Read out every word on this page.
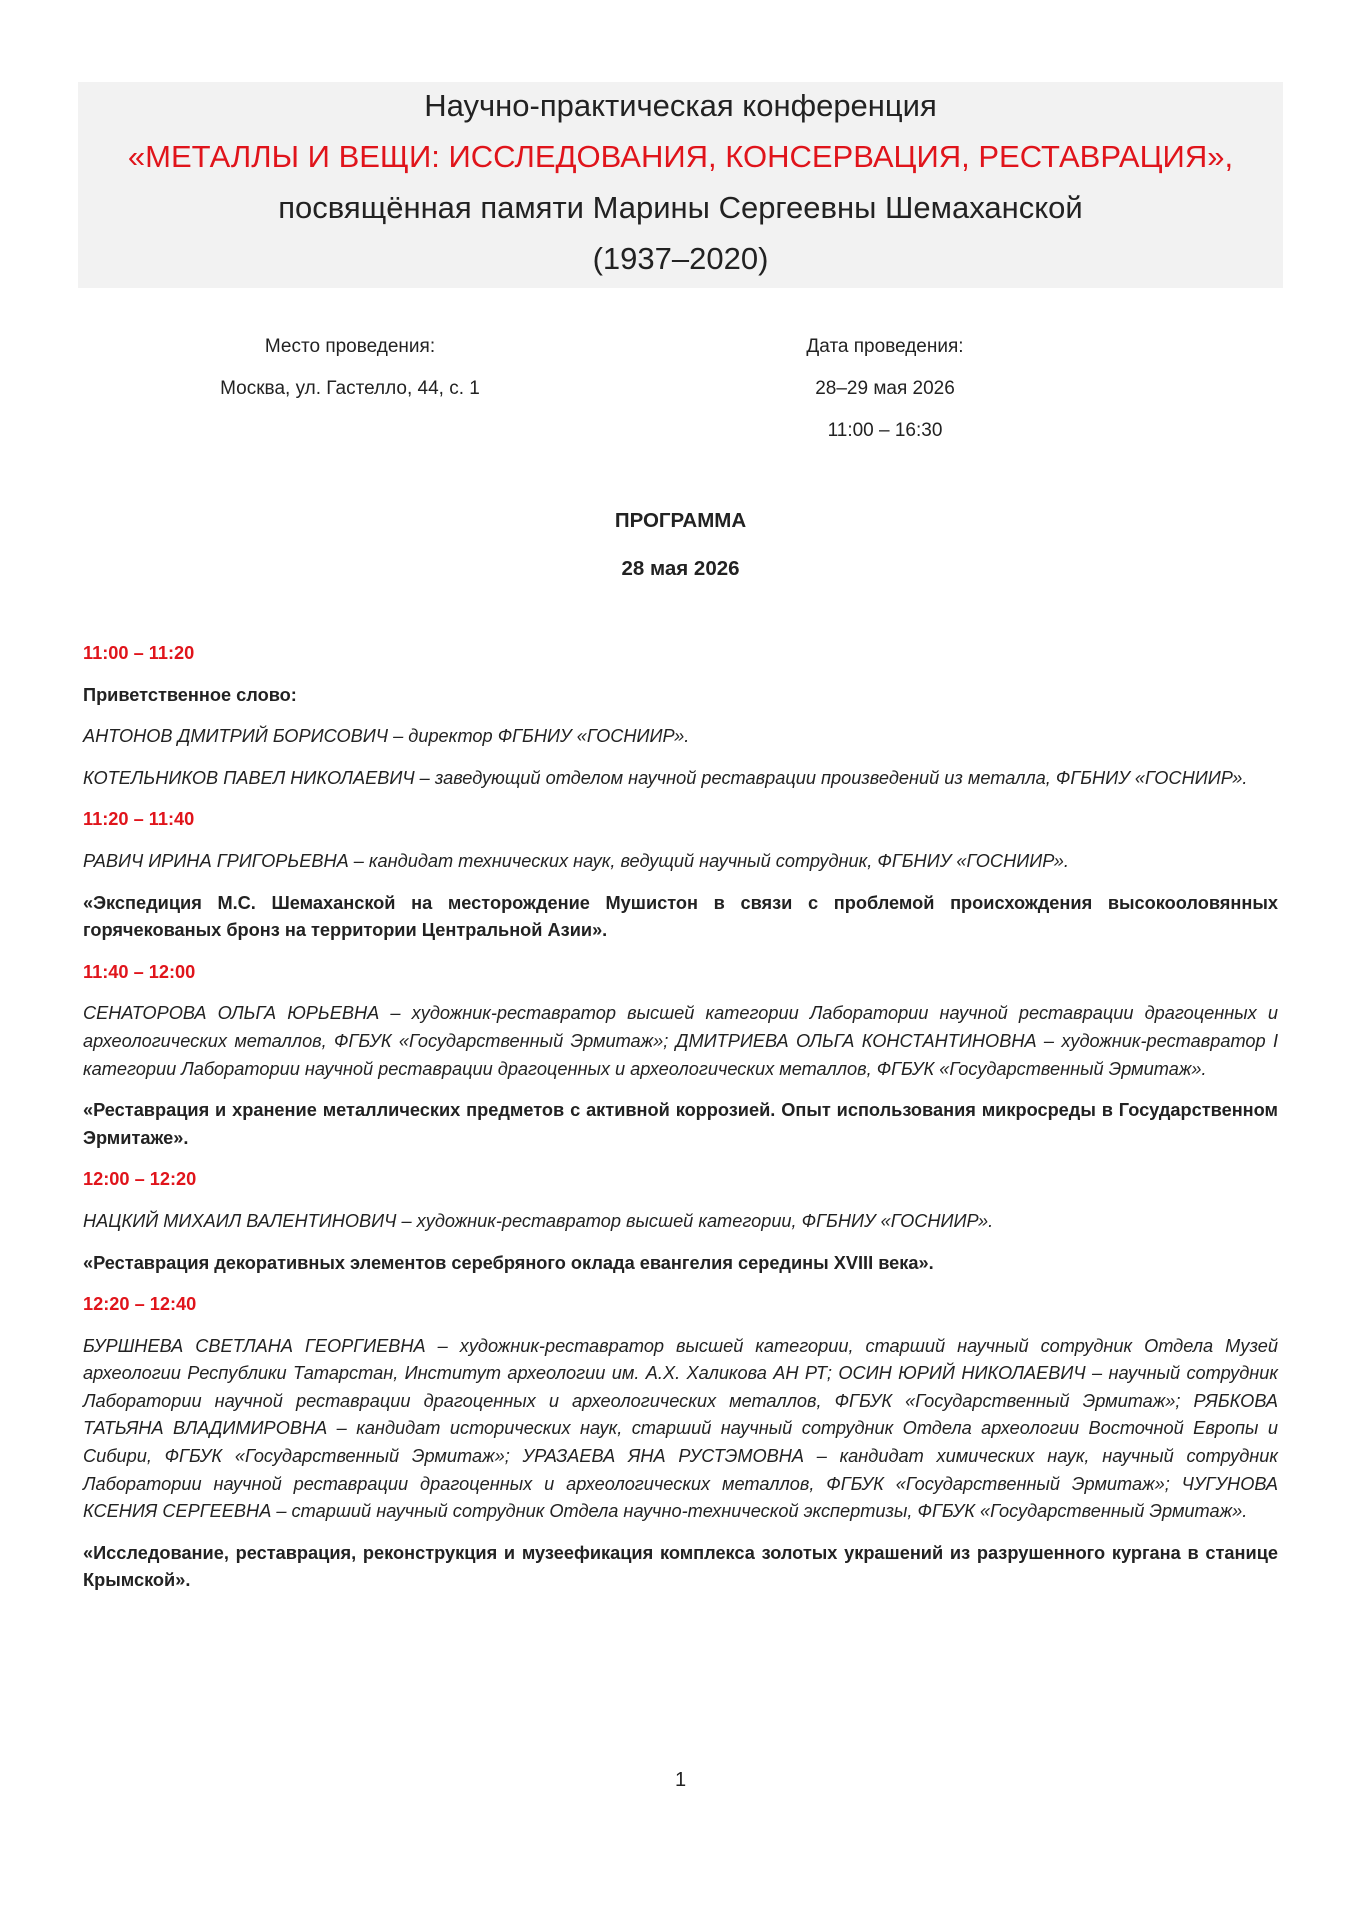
Научно-практическая конференция
«МЕТАЛЛЫ И ВЕЩИ: ИССЛЕДОВАНИЯ, КОНСЕРВАЦИЯ, РЕСТАВРАЦИЯ»,
посвящённая памяти Марины Сергеевны Шемаханской
(1937–2020)
Место проведения:
Москва, ул. Гастелло, 44, с. 1
Дата проведения:
28–29 мая 2026
11:00 – 16:30
ПРОГРАММА
28 мая 2026
11:00 – 11:20

Приветственное слово:

АНТОНОВ ДМИТРИЙ БОРИСОВИЧ – директор ФГБНИУ «ГОСНИИР».

КОТЕЛЬНИКОВ ПАВЕЛ НИКОЛАЕВИЧ – заведующий отделом научной реставрации произведений из металла, ФГБНИУ «ГОСНИИР».

11:20 – 11:40

РАВИЧ ИРИНА ГРИГОРЬЕВНА – кандидат технических наук, ведущий научный сотрудник, ФГБНИУ «ГОСНИИР».

«Экспедиция М.С. Шемаханской на месторождение Мушистон в связи с проблемой происхождения высокооловянных горячекованых бронз на территории Центральной Азии».

11:40 – 12:00

СЕНАТОРОВА ОЛЬГА ЮРЬЕВНА – художник-реставратор высшей категории Лаборатории научной реставрации драгоценных и археологических металлов, ФГБУК «Государственный Эрмитаж»; ДМИТРИЕВА ОЛЬГА КОНСТАНТИНОВНА – художник-реставратор I категории Лаборатории научной реставрации драгоценных и археологических металлов, ФГБУК «Государственный Эрмитаж».

«Реставрация и хранение металлических предметов с активной коррозией. Опыт использования микросреды в Государственном Эрмитаже».

12:00 – 12:20

НАЦКИЙ МИХАИЛ ВАЛЕНТИНОВИЧ – художник-реставратор высшей категории, ФГБНИУ «ГОСНИИР».

«Реставрация декоративных элементов серебряного оклада евангелия середины XVIII века».

12:20 – 12:40

БУРШНЕВА СВЕТЛАНА ГЕОРГИЕВНА – художник-реставратор высшей категории, старший научный сотрудник Отдела Музей археологии Республики Татарстан, Институт археологии им. А.Х. Халикова АН РТ; ОСИН ЮРИЙ НИКОЛАЕВИЧ – научный сотрудник Лаборатории научной реставрации драгоценных и археологических металлов, ФГБУК «Государственный Эрмитаж»; РЯБКОВА ТАТЬЯНА ВЛАДИМИРОВНА – кандидат исторических наук, старший научный сотрудник Отдела археологии Восточной Европы и Сибири, ФГБУК «Государственный Эрмитаж»; УРАЗАЕВА ЯНА РУСТЭМОВНА – кандидат химических наук, научный сотрудник Лаборатории научной реставрации драгоценных и археологических металлов, ФГБУК «Государственный Эрмитаж»; ЧУГУНОВА КСЕНИЯ СЕРГЕЕВНА – старший научный сотрудник Отдела научно-технической экспертизы, ФГБУК «Государственный Эрмитаж».

«Исследование, реставрация, реконструкция и музеефикация комплекса золотых украшений из разрушенного кургана в станице Крымской».

1
